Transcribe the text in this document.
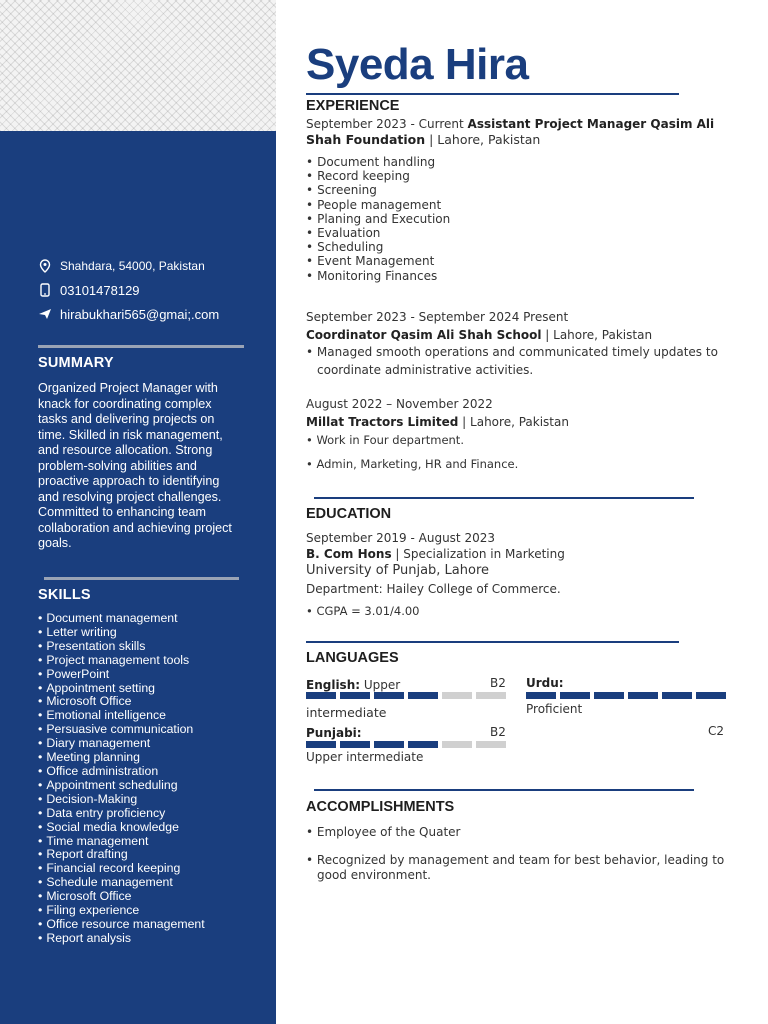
Shahdara, 54000, Pakistan
03101478129
hirabukhari565@gmai;.com
SUMMARY
Organized Project Manager with
knack for coordinating complex
tasks and delivering projects on
time. Skilled in risk management,
and resource allocation. Strong
problem-solving abilities and
proactive approach to identifying
and resolving project challenges.
Committed to enhancing team
collaboration and achieving project
goals.
SKILLS
• Document management
• Letter writing
• Presentation skills
• Project management tools
• PowerPoint
• Appointment setting
• Microsoft Office
• Emotional intelligence
• Persuasive communication
• Diary management
• Meeting planning
• Office administration
• Appointment scheduling
• Decision-Making
• Data entry proficiency
• Social media knowledge
• Time management
• Report drafting
• Financial record keeping
• Schedule management
• Microsoft Office
• Filing experience
• Office resource management
• Report analysis
Syeda Hira
EXPERIENCE
September 2023 - Current Assistant Project Manager Qasim Ali
Shah Foundation | Lahore, Pakistan
• Document handling
• Record keeping
• Screening
• People management
• Planing and Execution
• Evaluation
• Scheduling
• Event Management
• Monitoring Finances
September 2023 - September 2024 Present
Coordinator Qasim Ali Shah School | Lahore, Pakistan
• Managed smooth operations and communicated timely updates to
coordinate administrative activities.
August 2022 – November 2022
Millat Tractors Limited | Lahore, Pakistan
• Work in Four department.
• Admin, Marketing, HR and Finance.
EDUCATION
September 2019 - August 2023
B. Com Hons | Specialization in Marketing
University of Punjab, Lahore
Department: Hailey College of Commerce.
• CGPA = 3.01/4.00
LANGUAGES
English: Upper	B2
intermediate
Urdu:
Proficient
C2
Punjabi:	B2
Upper intermediate
ACCOMPLISHMENTS
• Employee of the Quater
• Recognized by management and team for best behavior, leading to
good environment.
